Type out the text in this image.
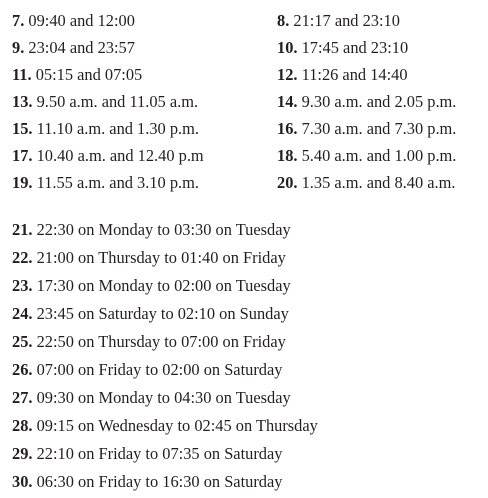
7. 09:40 and 12:00	8. 21:17 and 23:10
9. 23:04 and 23:57	10. 17:45 and 23:10
11. 05:15 and 07:05	12. 11:26 and 14:40
13. 9.50 a.m. and 11.05 a.m.	14. 9.30 a.m. and 2.05 p.m.
15. 11.10 a.m. and 1.30 p.m.	16. 7.30 a.m. and 7.30 p.m.
17. 10.40 a.m. and 12.40 p.m	18. 5.40 a.m. and 1.00 p.m.
19. 11.55 a.m. and 3.10 p.m.	20. 1.35 a.m. and 8.40 a.m.
21. 22:30 on Monday to 03:30 on Tuesday
22. 21:00 on Thursday to 01:40 on Friday
23. 17:30 on Monday to 02:00 on Tuesday
24. 23:45 on Saturday to 02:10 on Sunday
25. 22:50 on Thursday to 07:00 on Friday
26. 07:00 on Friday to 02:00 on Saturday
27. 09:30 on Monday to 04:30 on Tuesday
28. 09:15 on Wednesday to 02:45 on Thursday
29. 22:10 on Friday to 07:35 on Saturday
30. 06:30 on Friday to 16:30 on Saturday
